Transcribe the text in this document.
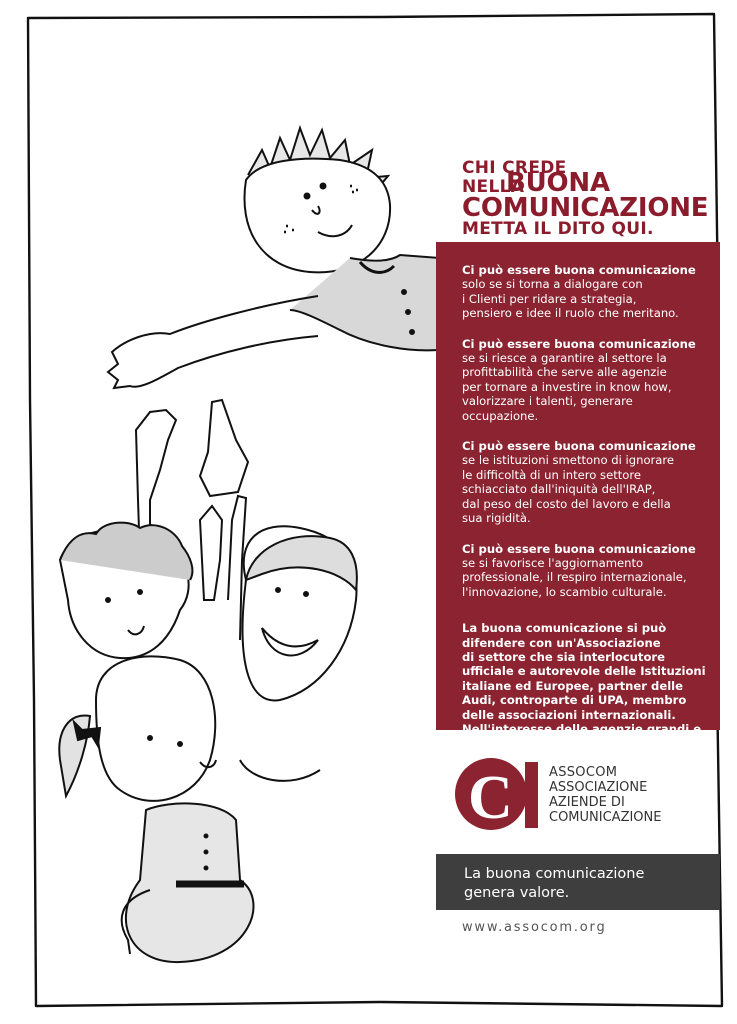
CHI CREDE
NELLA
BUONA
COMUNICAZIONE
METTA IL DITO QUI.
Ci può essere buona comunicazione
solo se si torna a dialogare con
i Clienti per ridare a strategia,
pensiero e idee il ruolo che meritano.
Ci può essere buona comunicazione
se si riesce a garantire al settore la
profittabilità che serve alle agenzie
per tornare a investire in know how,
valorizzare i talenti, generare
occupazione.
Ci può essere buona comunicazione
se le istituzioni smettono di ignorare
le difficoltà di un intero settore
schiacciato dall'iniquità dell'IRAP,
dal peso del costo del lavoro e della
sua rigidità.
Ci può essere buona comunicazione
se si favorisce l'aggiornamento
professionale, il respiro internazionale,
l'innovazione, lo scambio culturale.
La buona comunicazione si può
difendere con un'Associazione
di settore che sia interlocutore
ufficiale e autorevole delle Istituzioni
italiane ed Europee, partner delle
Audi, controparte di UPA, membro
delle associazioni internazionali.
Nell'interesse delle agenzie grandi e
piccole, dei clienti e dei consumatori.
C	ASSOCOM
ASSOCIAZIONE
AZIENDE DI
COMUNICAZIONE
La buona comunicazione
genera valore.
www.assocom.org
